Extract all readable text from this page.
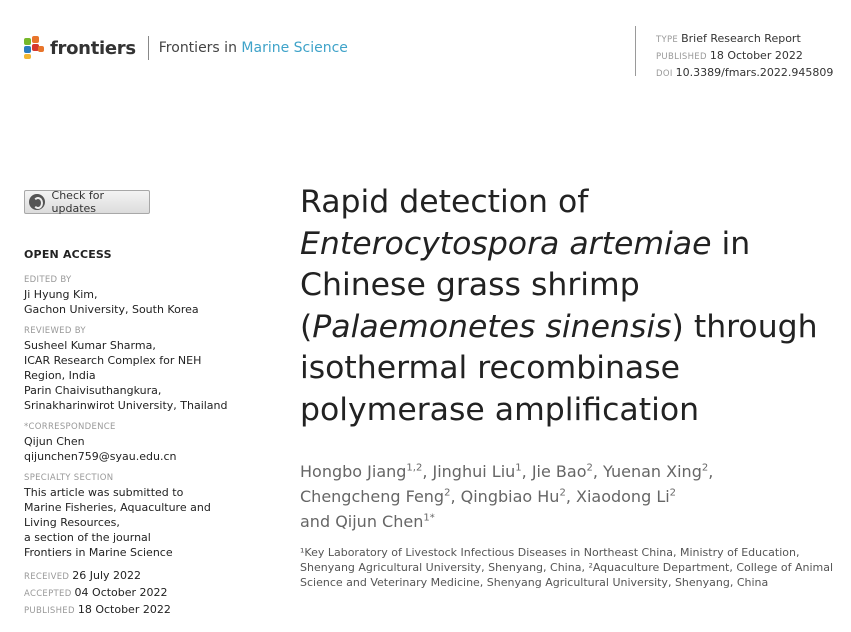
frontiers Frontiers in Marine Science	TYPE Brief Research Report
PUBLISHED 18 October 2022
DOI 10.3389/fmars.2022.945809
Check for updates
OPEN ACCESS
EDITED BY
Ji Hyung Kim,
Gachon University, South Korea
REVIEWED BY
Susheel Kumar Sharma,
ICAR Research Complex for NEH
Region, India
Parin Chaivisuthangkura,
Srinakharinwirot University, Thailand
*CORRESPONDENCE
Qijun Chen
qijunchen759@syau.edu.cn
SPECIALTY SECTION
This article was submitted to
Marine Fisheries, Aquaculture and
Living Resources,
a section of the journal
Frontiers in Marine Science
RECEIVED 26 July 2022
ACCEPTED 04 October 2022
PUBLISHED 18 October 2022
Rapid detection of
Enterocytospora artemiae in
Chinese grass shrimp
(Palaemonetes sinensis) through
isothermal recombinase
polymerase amplification
Hongbo Jiang$^{1,2}$, Jinghui Liu$^1$, Jie Bao$^2$, Yuenan Xing$^2$,
Chengcheng Feng$^2$, Qingbiao Hu$^2$, Xiaodong Li$^2$
and Qijun Chen$^{1*}$
¹Key Laboratory of Livestock Infectious Diseases in Northeast China, Ministry of Education,
Shenyang Agricultural University, Shenyang, China, ²Aquaculture Department, College of Animal
Science and Veterinary Medicine, Shenyang Agricultural University, Shenyang, China
